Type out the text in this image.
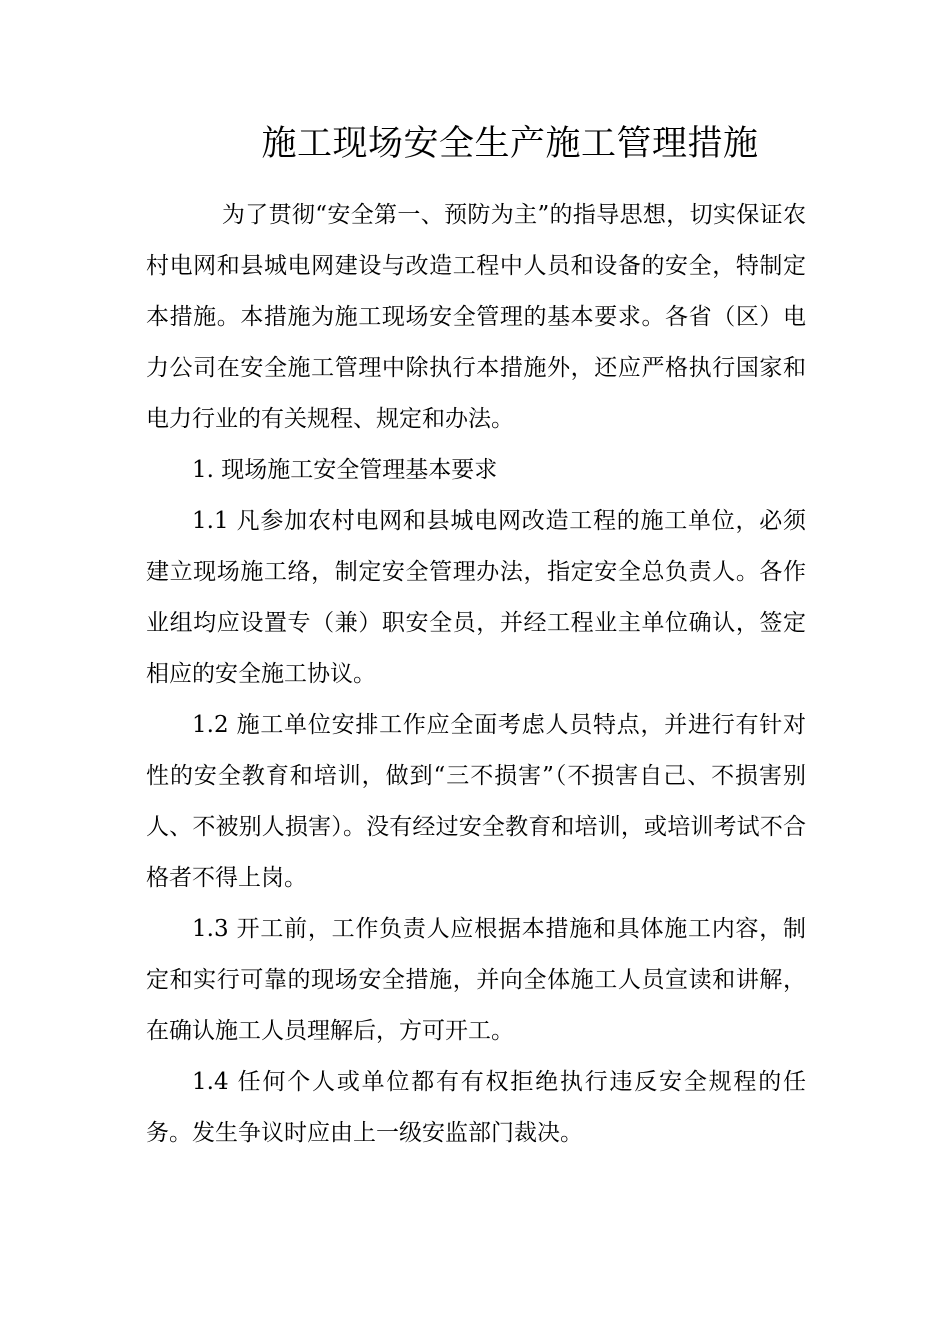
施工现场安全生产施工管理措施

为了贯彻“安全第一、预防为主”的指导思想，切实保证农村电网和县城电网建设与改造工程中人员和设备的安全，特制定本措施。本措施为施工现场安全管理的基本要求。各省（区）电力公司在安全施工管理中除执行本措施外，还应严格执行国家和电力行业的有关规程、规定和办法。

1. 现场施工安全管理基本要求

1.1 凡参加农村电网和县城电网改造工程的施工单位，必须建立现场施工络，制定安全管理办法，指定安全总负责人。各作业组均应设置专（兼）职安全员，并经工程业主单位确认，签定相应的安全施工协议。

1.2 施工单位安排工作应全面考虑人员特点，并进行有针对性的安全教育和培训，做到“三不损害”（不损害自己、不损害别人、不被别人损害）。没有经过安全教育和培训，或培训考试不合格者不得上岗。

1.3 开工前，工作负责人应根据本措施和具体施工内容，制定和实行可靠的现场安全措施，并向全体施工人员宣读和讲解，在确认施工人员理解后，方可开工。

1.4 任何个人或单位都有有权拒绝执行违反安全规程的任务。发生争议时应由上一级安监部门裁决。
